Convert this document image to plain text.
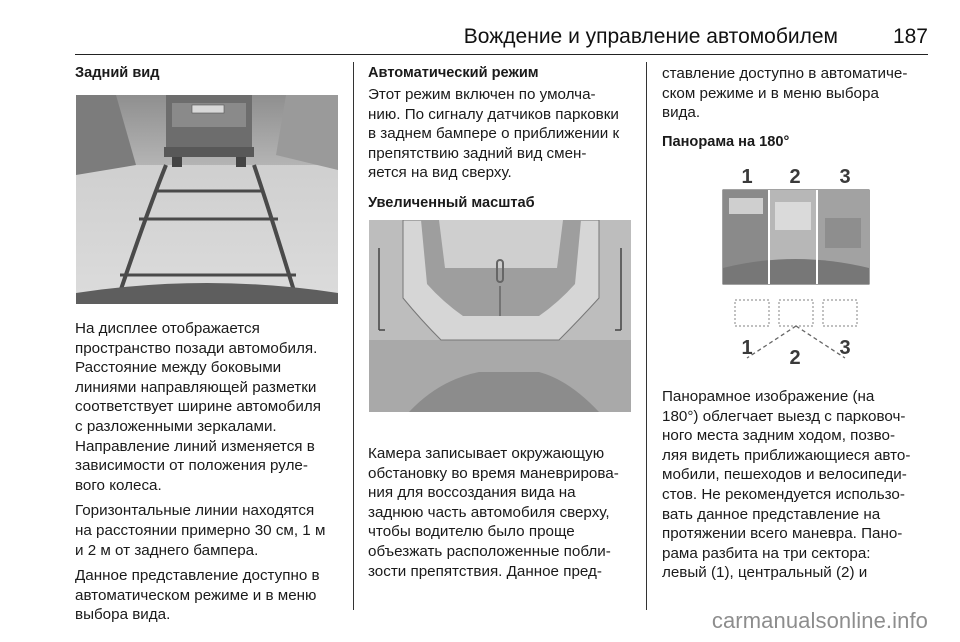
Вождение и управление автомобилем	187

Задний вид

На дисплее отображается
пространство позади автомобиля.
Расстояние между боковыми
линиями направляющей разметки
соответствует ширине автомобиля
с разложенными зеркалами.
Направление линий изменяется в
зависимости от положения руле-
вого колеса.

Горизонтальные линии находятся
на расстоянии примерно 30 см, 1 м
и 2 м от заднего бампера.

Данное представление доступно в
автоматическом режиме и в меню
выбора вида.

Автоматический режим

Этот режим включен по умолча-
нию. По сигналу датчиков парковки
в заднем бампере о приближении к
препятствию задний вид смен-
яется на вид сверху.

Увеличенный масштаб

Камера записывает окружающую
обстановку во время маневрирова-
ния для воссоздания вида на
заднюю часть автомобиля сверху,
чтобы водителю было проще
объезжать расположенные побли-
зости препятствия. Данное пред-

ставление доступно в автоматиче-
ском режиме и в меню выбора
вида.

Панорама на 180°

1 2 3
1 2 3

Панорамное изображение (на
180°) облегчает выезд с парковоч-
ного места задним ходом, позво-
ляя видеть приближающиеся авто-
мобили, пешеходов и велосипеди-
стов. Не рекомендуется использо-
вать данное представление на
протяжении всего маневра. Пано-
рама разбита на три сектора:
левый (1), центральный (2) и

carmanualsonline.info
